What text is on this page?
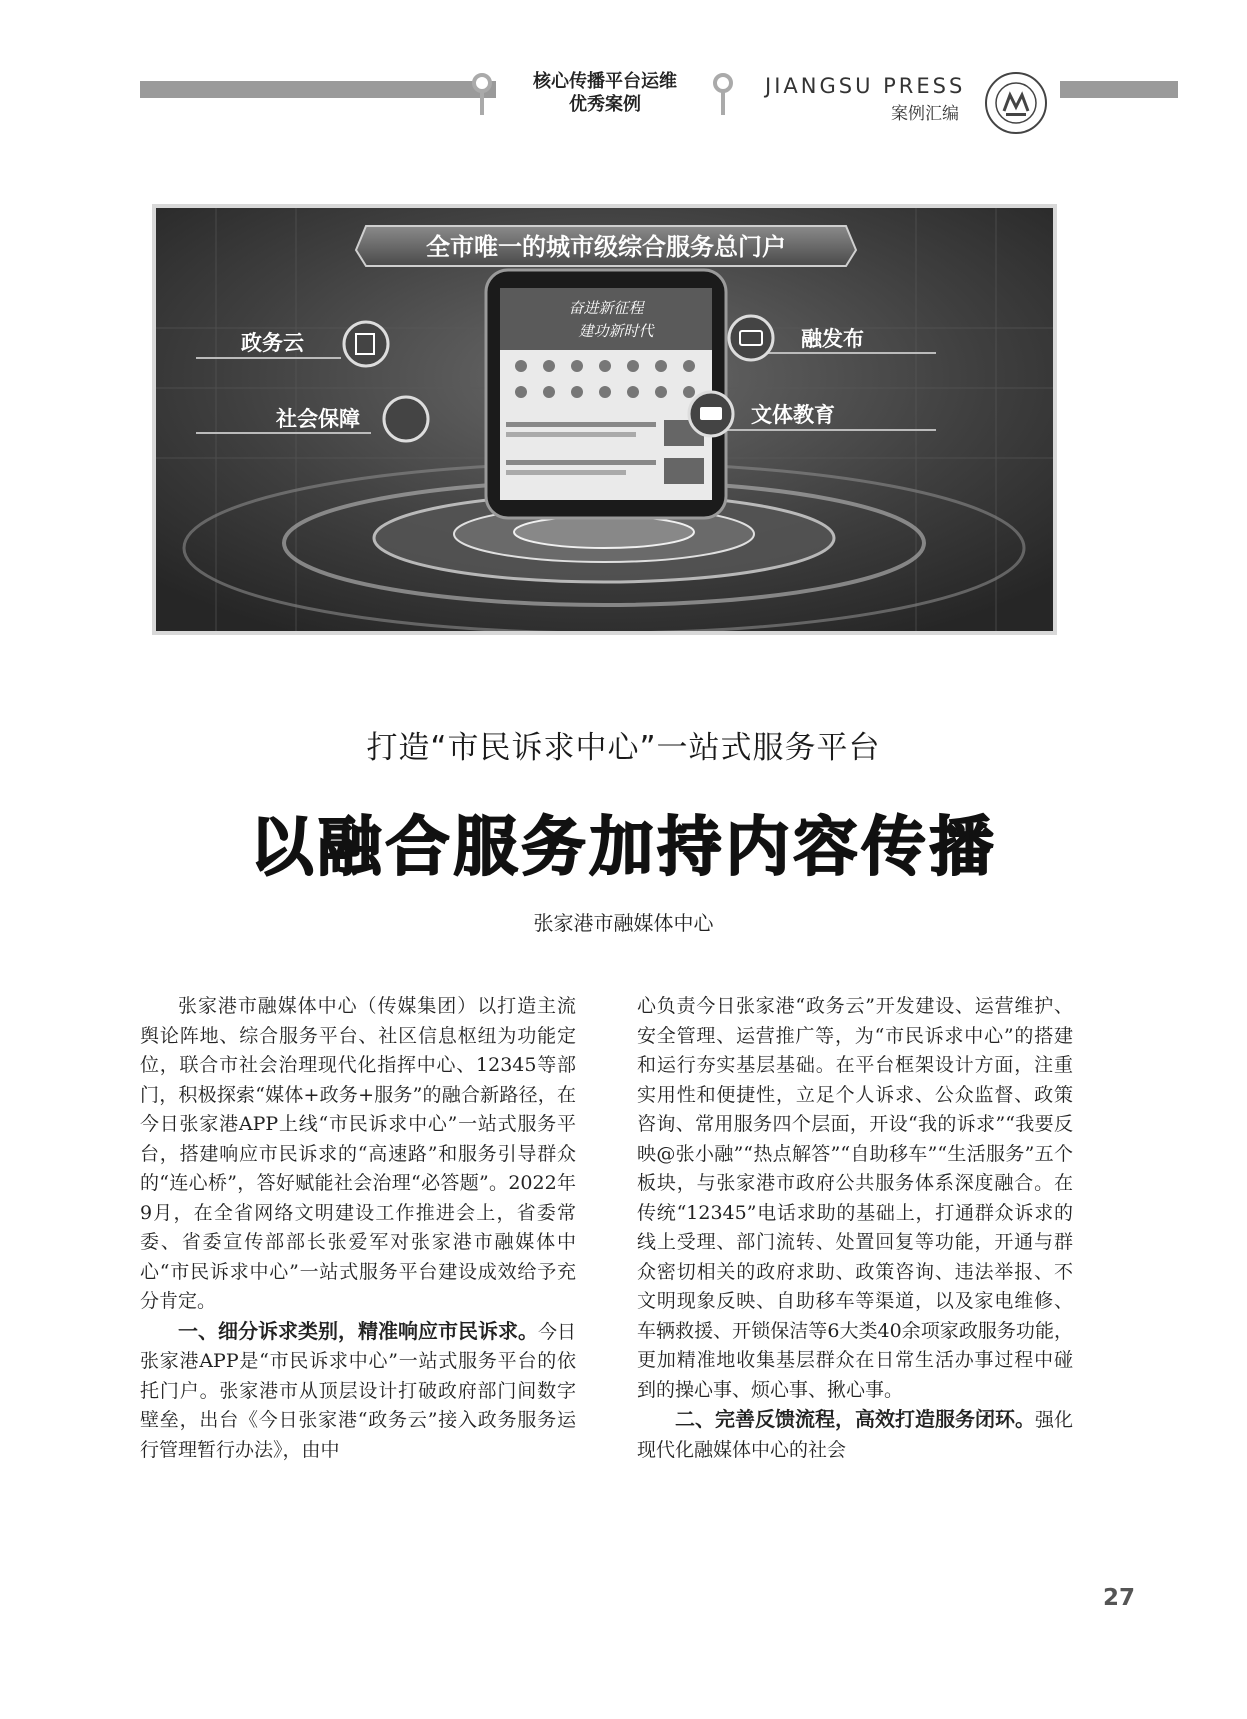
核心传播平台运维
优秀案例
JIANGSU PRESS
案例汇编
全市唯一的城市级综合服务总门户
奋进新征程
建功新时代
政务云
社会保障
融发布
文体教育
打造“市民诉求中心”一站式服务平台
以融合服务加持内容传播
张家港市融媒体中心

张家港市融媒体中心（传媒集团）以打造主流舆论阵地、综合服务平台、社区信息枢纽为功能定位，联合市社会治理现代化指挥中心、12345等部门，积极探索“媒体+政务+服务”的融合新路径，在今日张家港APP上线“市民诉求中心”一站式服务平台，搭建响应市民诉求的“高速路”和服务引导群众的“连心桥”，答好赋能社会治理“必答题”。2022年9月，在全省网络文明建设工作推进会上，省委常委、省委宣传部部长张爱军对张家港市融媒体中心“市民诉求中心”一站式服务平台建设成效给予充分肯定。

一、细分诉求类别，精准响应市民诉求。今日张家港APP是“市民诉求中心”一站式服务平台的依托门户。张家港市从顶层设计打破政府部门间数字壁垒，出台《今日张家港“政务云”接入政务服务运行管理暂行办法》，由中

心负责今日张家港“政务云”开发建设、运营维护、安全管理、运营推广等，为“市民诉求中心”的搭建和运行夯实基层基础。在平台框架设计方面，注重实用性和便捷性，立足个人诉求、公众监督、政策咨询、常用服务四个层面，开设“我的诉求”“我要反映@张小融”“热点解答”“自助移车”“生活服务”五个板块，与张家港市政府公共服务体系深度融合。在传统“12345”电话求助的基础上，打通群众诉求的线上受理、部门流转、处置回复等功能，开通与群众密切相关的政府求助、政策咨询、违法举报、不文明现象反映、自助移车等渠道，以及家电维修、车辆救援、开锁保洁等6大类40余项家政服务功能，更加精准地收集基层群众在日常生活办事过程中碰到的操心事、烦心事、揪心事。

二、完善反馈流程，高效打造服务闭环。强化现代化融媒体中心的社会

27
